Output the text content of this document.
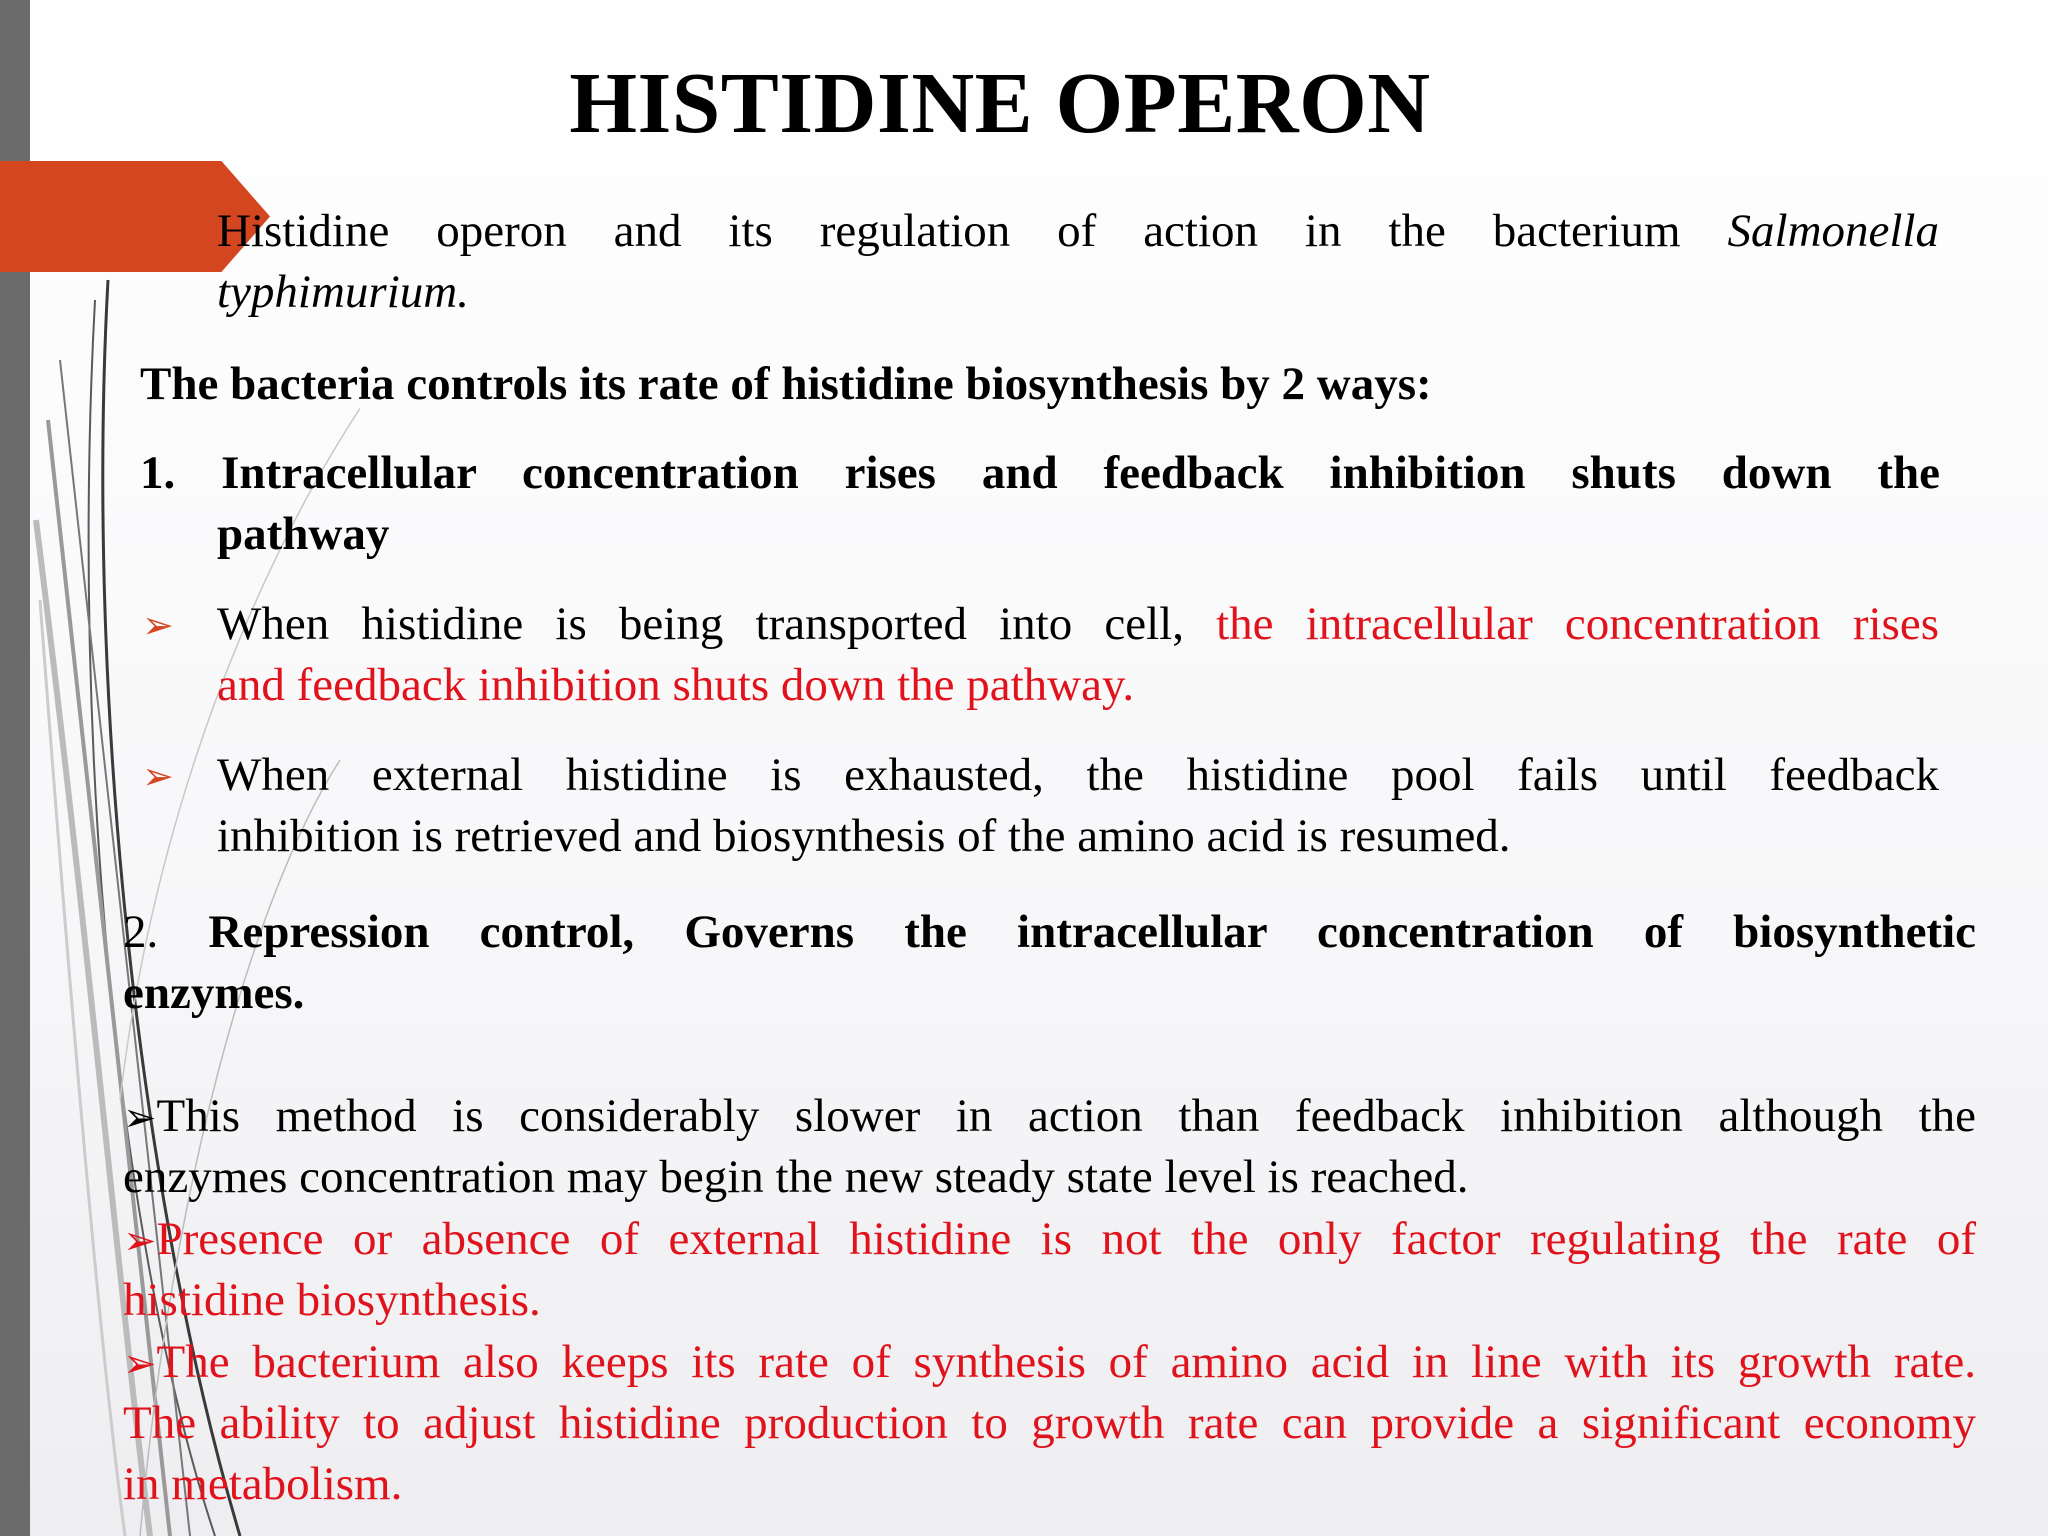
HISTIDINE OPERON
Histidine operon and its regulation of action in the bacterium Salmonella
typhimurium.
The bacteria controls its rate of histidine biosynthesis by 2 ways:
1. Intracellular concentration rises and feedback inhibition shuts down the
pathway
➢ When histidine is being transported into cell, the intracellular concentration rises
and feedback inhibition shuts down the pathway.
➢ When external histidine is exhausted, the histidine pool fails until feedback
inhibition is retrieved and biosynthesis of the amino acid is resumed.
2. Repression control, Governs the intracellular concentration of biosynthetic
enzymes.
➢This method is considerably slower in action than feedback inhibition although the
enzymes concentration may begin the new steady state level is reached.
➢Presence or absence of external histidine is not the only factor regulating the rate of
histidine biosynthesis.
➢The bacterium also keeps its rate of synthesis of amino acid in line with its growth rate.
The ability to adjust histidine production to growth rate can provide a significant economy
in metabolism.
